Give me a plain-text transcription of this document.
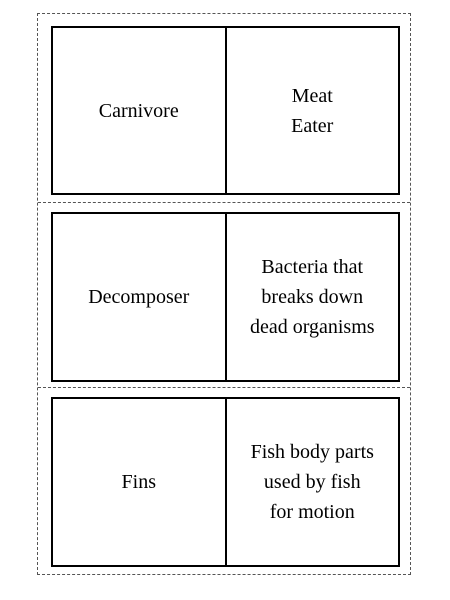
Carnivore
Meat
Eater
Decomposer
Bacteria that
breaks down
dead organisms
Fins
Fish body parts
used by fish
for motion
